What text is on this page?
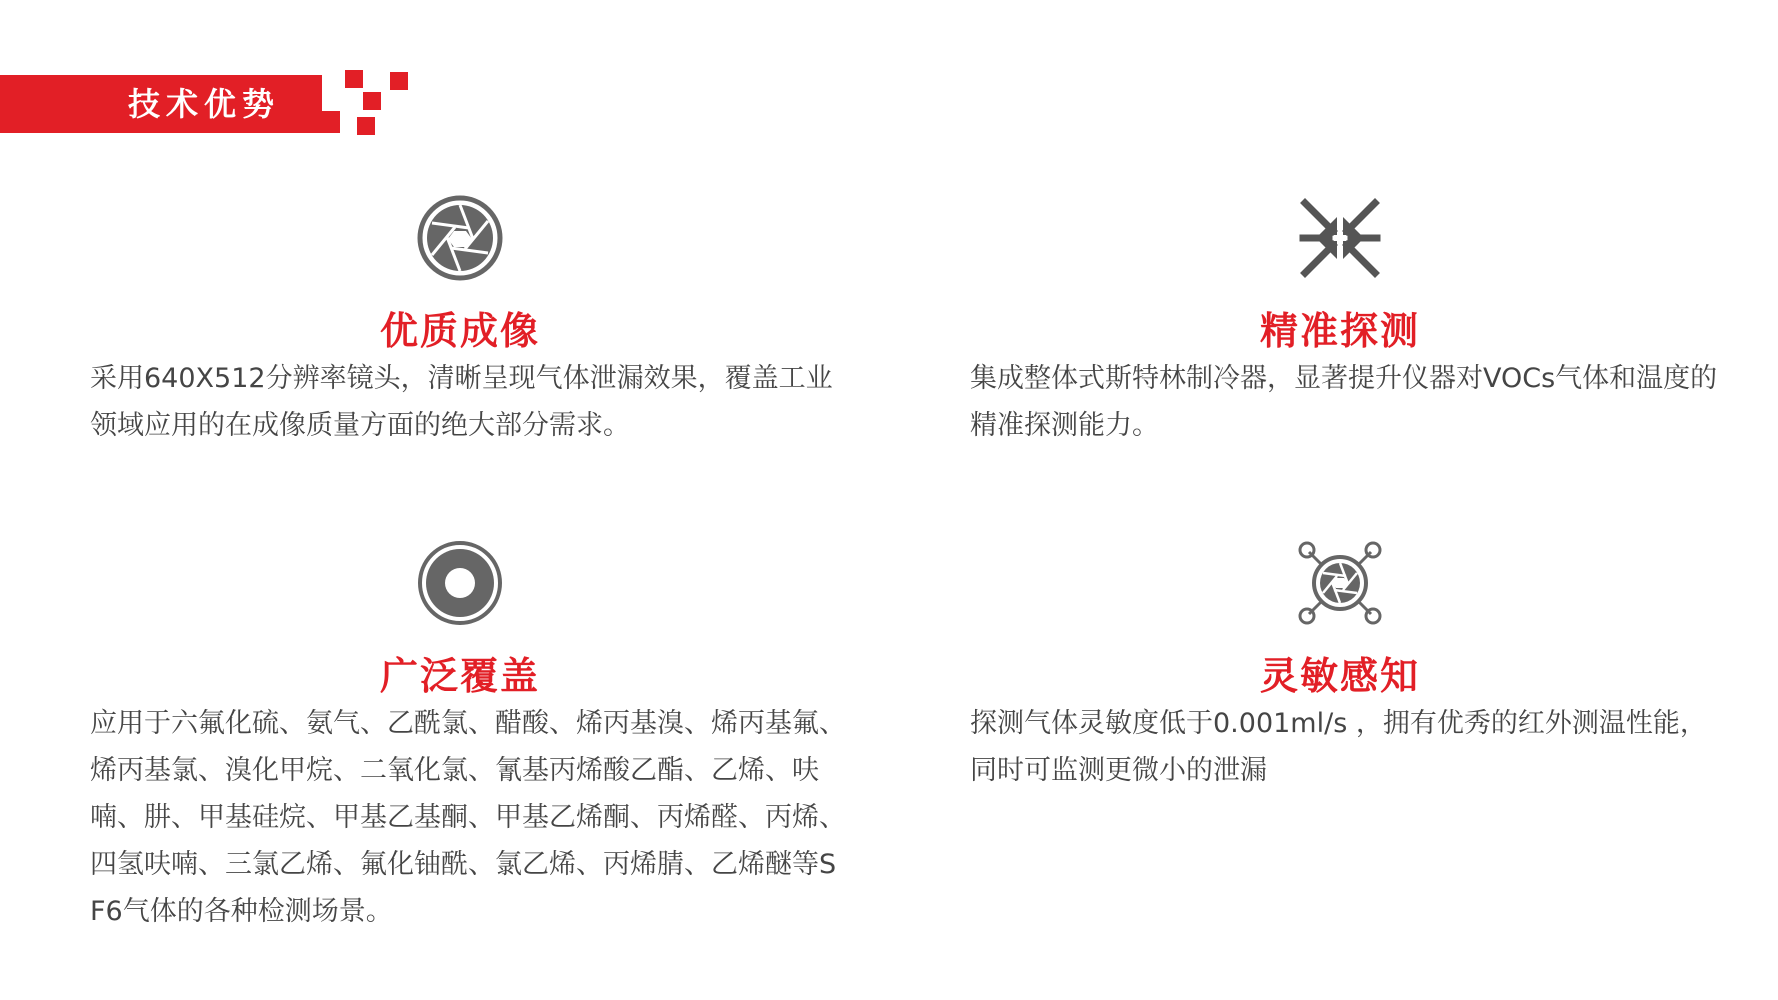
技术优势
优质成像
采用640X512分辨率镜头，清晰呈现气体泄漏效果，覆盖工业领域应用的在成像质量方面的绝大部分需求。
精准探测
集成整体式斯特林制冷器，显著提升仪器对VOCs气体和温度的精准探测能力。
广泛覆盖
应用于六氟化硫、氨气、乙酰氯、醋酸、烯丙基溴、烯丙基氟、烯丙基氯、溴化甲烷、二氧化氯、氰基丙烯酸乙酯、乙烯、呋喃、肼、甲基硅烷、甲基乙基酮、甲基乙烯酮、丙烯醛、丙烯、四氢呋喃、三氯乙烯、氟化铀酰、氯乙烯、丙烯腈、乙烯醚等SF6气体的各种检测场景。
灵敏感知
探测气体灵敏度低于0.001ml/s ，拥有优秀的红外测温性能，同时可监测更微小的泄漏
